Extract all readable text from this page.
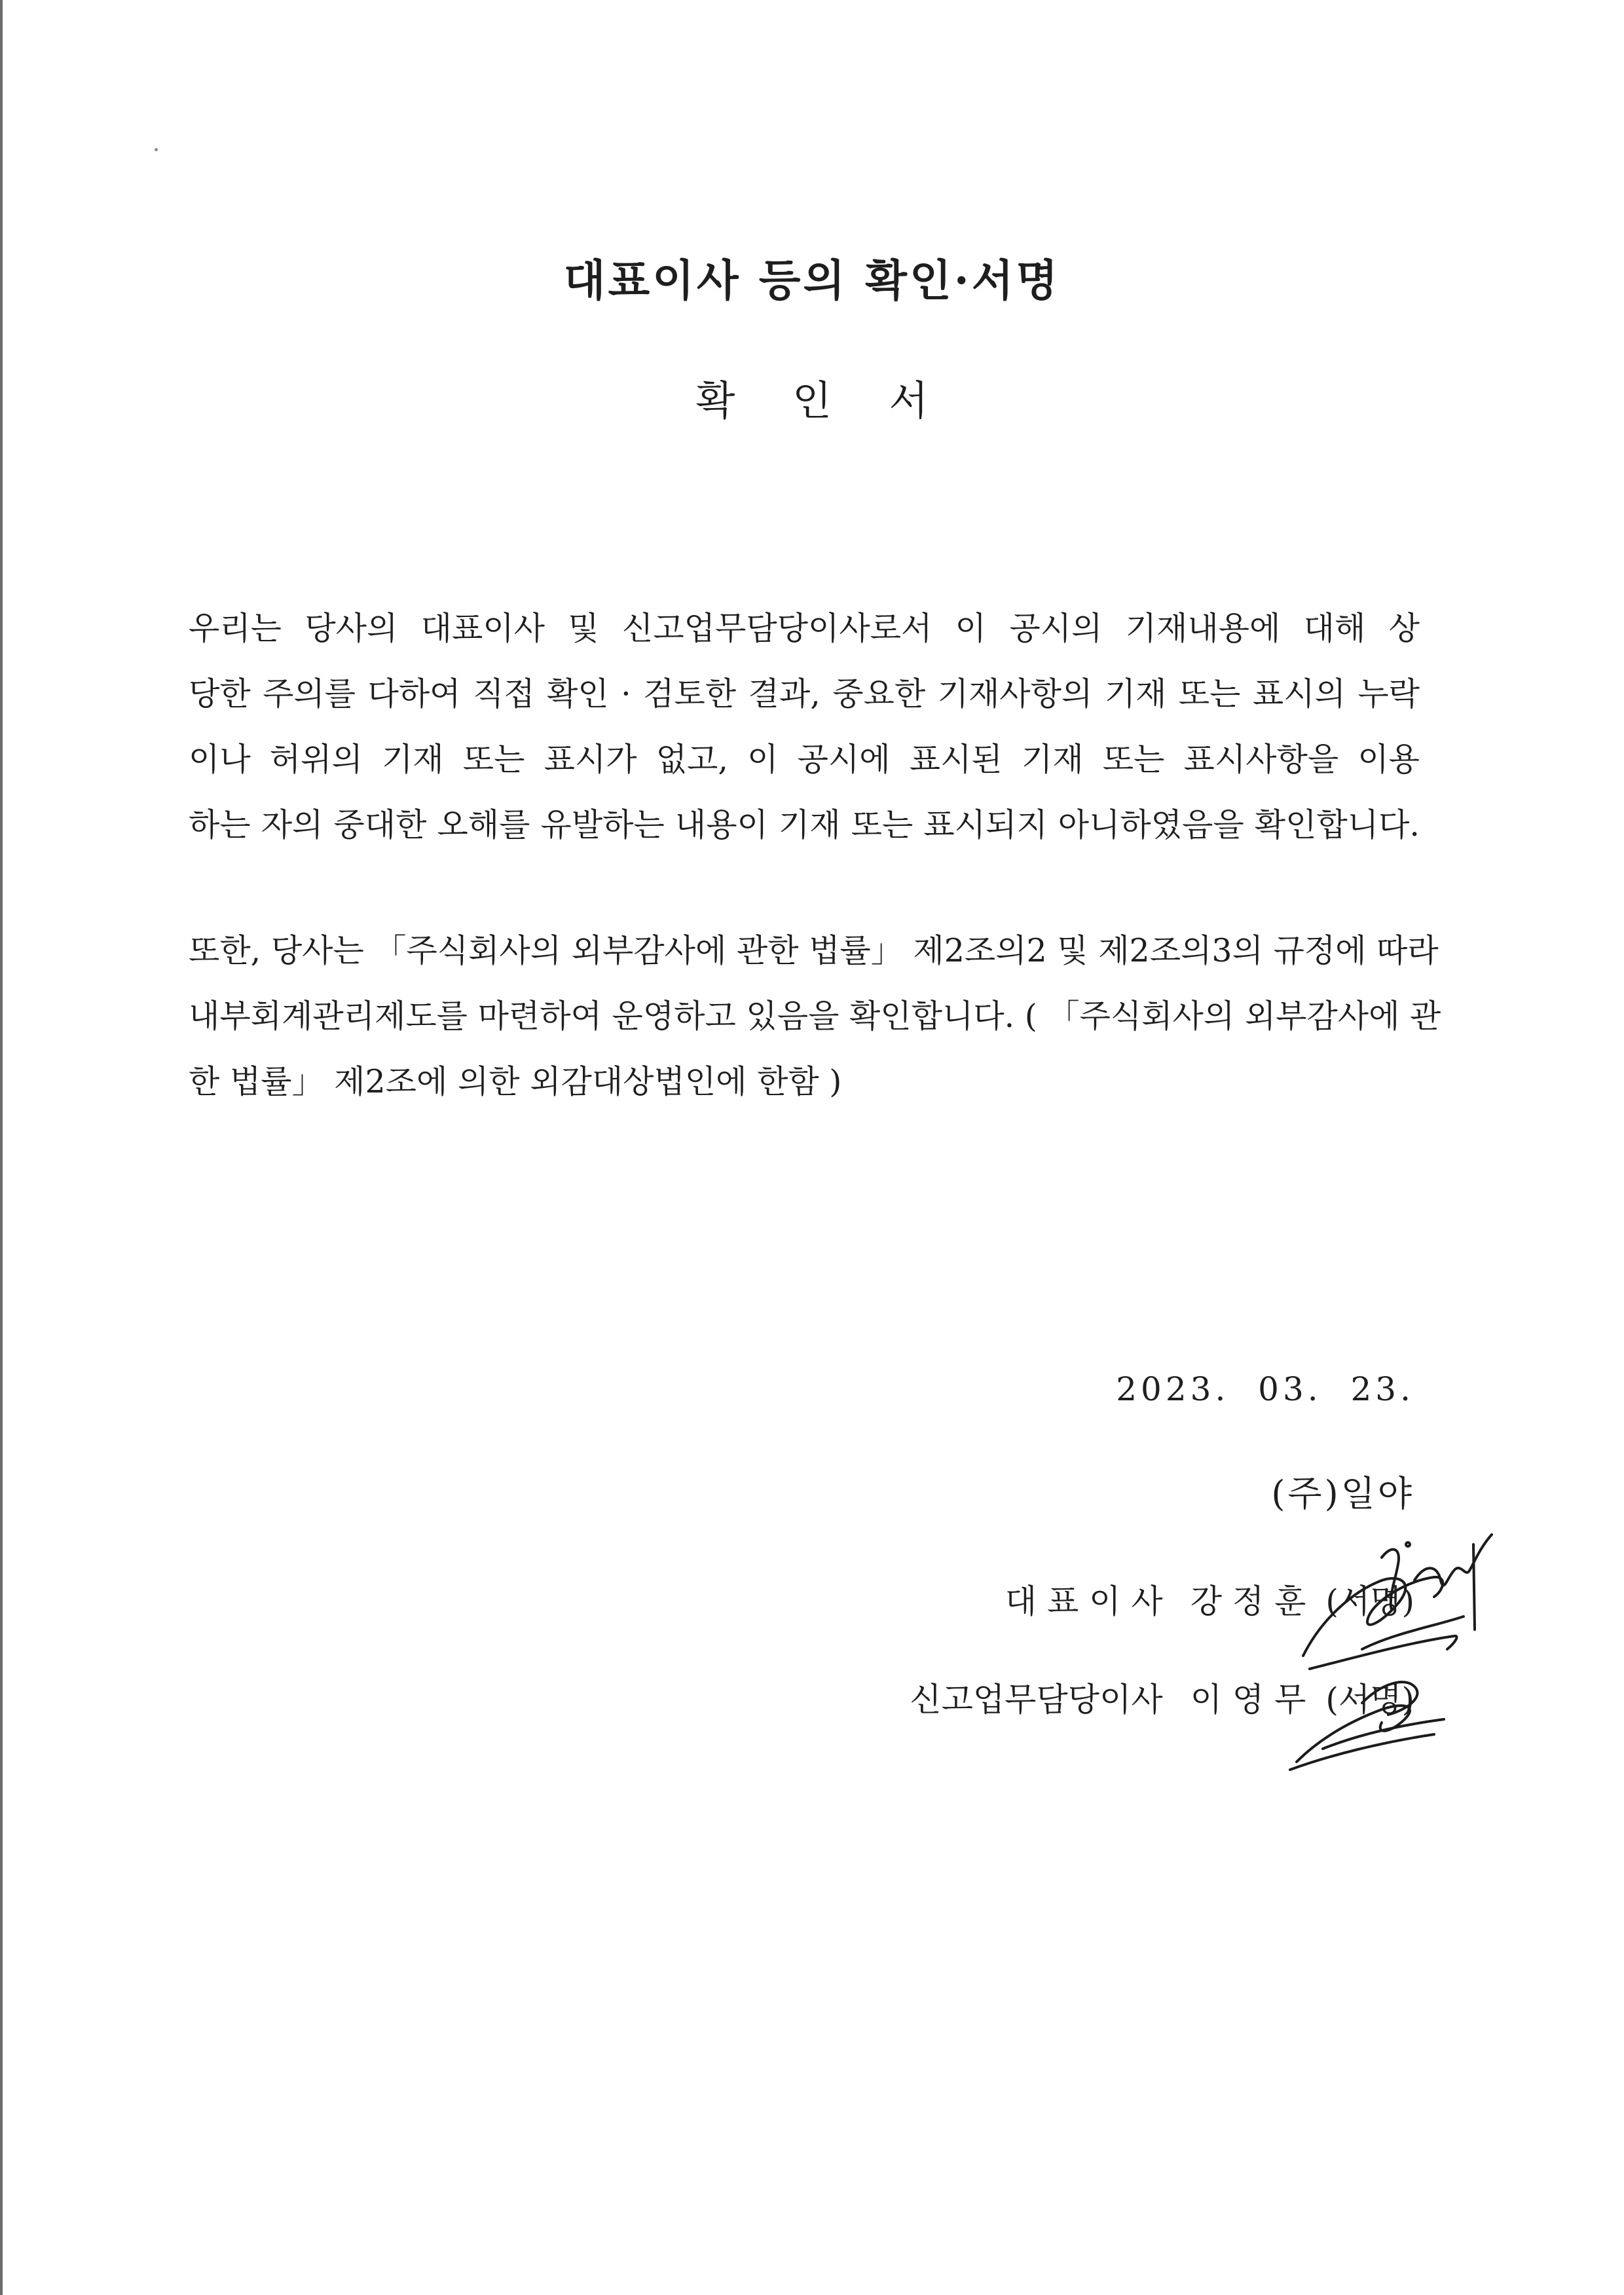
대표이사 등의 확인·서명
확 인 서
우리는 당사의 대표이사 및 신고업무담당이사로서 이 공시의 기재내용에 대해 상
당한 주의를 다하여 직접 확인 · 검토한 결과, 중요한 기재사항의 기재 또는 표시의 누락
이나 허위의 기재 또는 표시가 없고, 이 공시에 표시된 기재 또는 표시사항을 이용
하는 자의 중대한 오해를 유발하는 내용이 기재 또는 표시되지 아니하였음을 확인합니다.
또한, 당사는 「주식회사의 외부감사에 관한 법률」 제2조의2 및 제2조의3의 규정에 따라
내부회계관리제도를 마련하여 운영하고 있음을 확인합니다. ( 「주식회사의 외부감사에 관
한 법률」 제2조에 의한 외감대상법인에 한함 )
2023.  03.  23.
(주)일야
대 표 이 사 강 정 훈 (서명)
신고업무담당이사 이 영 무 (서명)
